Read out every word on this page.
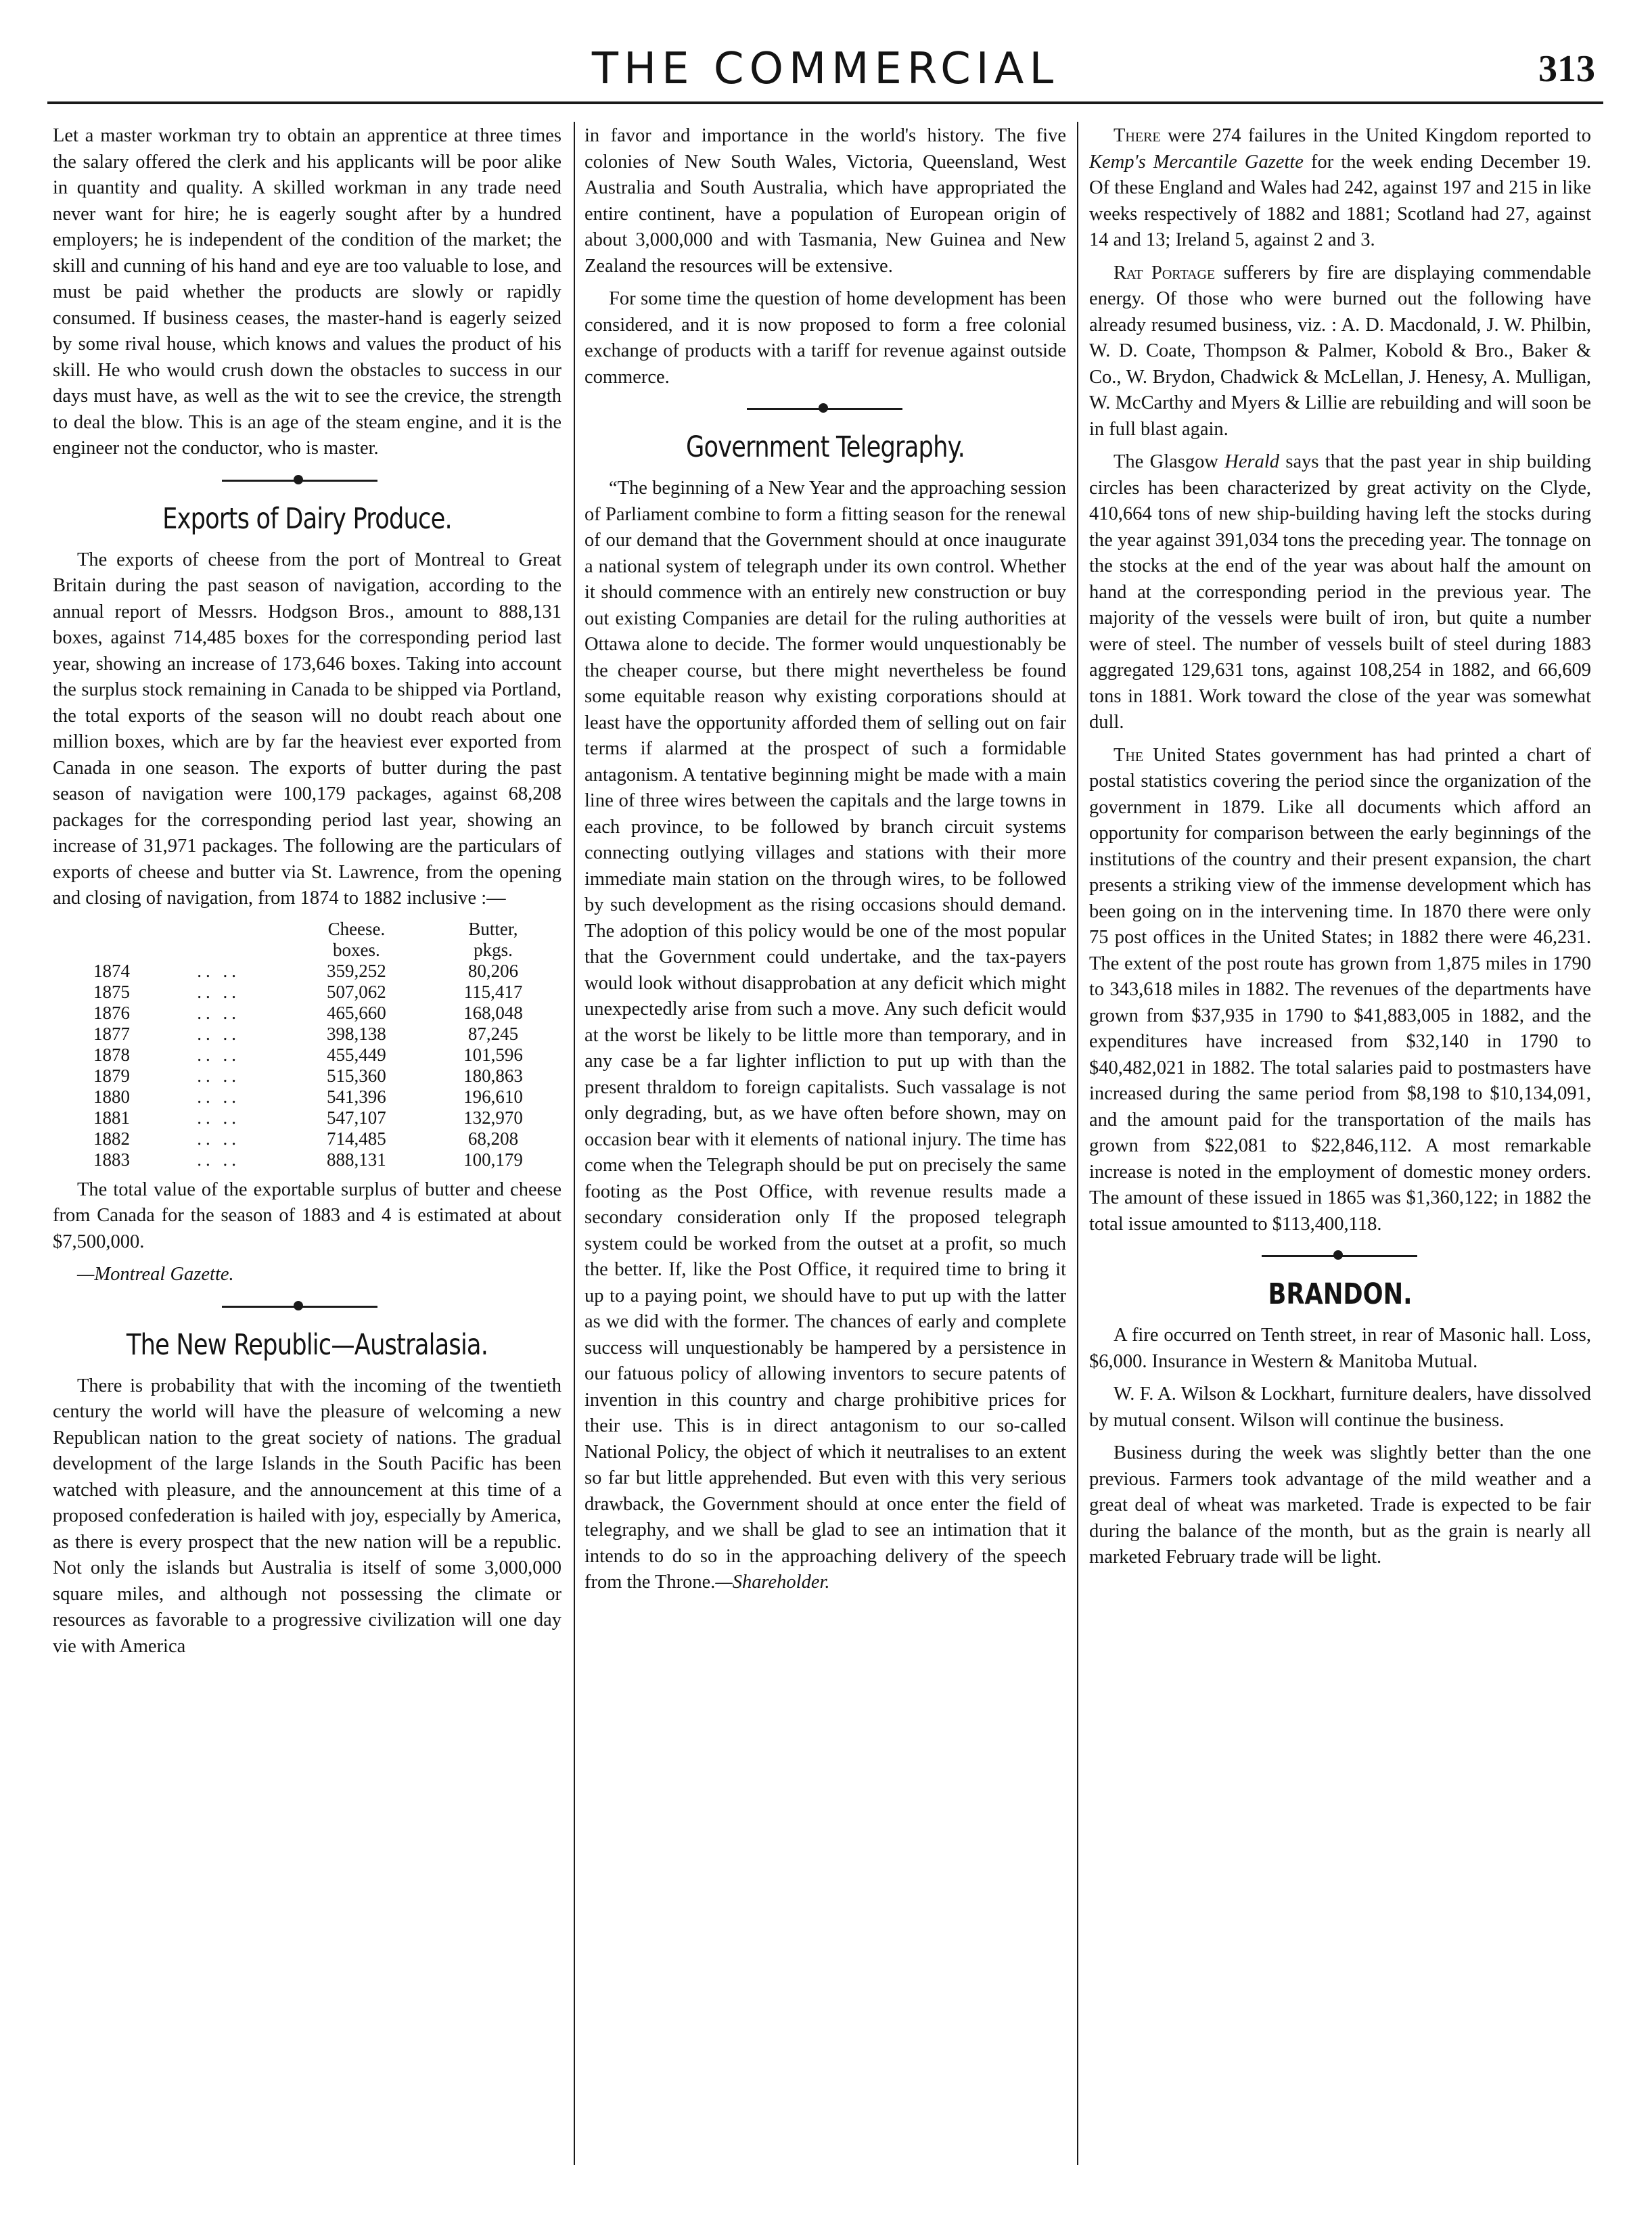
THE COMMERCIAL	313

Let a master workman try to obtain an apprentice at three times the salary offered the clerk and his applicants will be poor alike in quantity and quality. A skilled workman in any trade need never want for hire; he is eagerly sought after by a hundred employers; he is independent of the condition of the market; the skill and cunning of his hand and eye are too valuable to lose, and must be paid whether the products are slowly or rapidly consumed. If business ceases, the master-hand is eagerly seized by some rival house, which knows and values the product of his skill. He who would crush down the obstacles to success in our days must have, as well as the wit to see the crevice, the strength to deal the blow. This is an age of the steam engine, and it is the engineer not the conductor, who is master.

Exports of Dairy Produce.

The exports of cheese from the port of Montreal to Great Britain during the past season of navigation, according to the annual report of Messrs. Hodgson Bros., amount to 888,131 boxes, against 714,485 boxes for the corresponding period last year, showing an increase of 173,646 boxes. Taking into account the surplus stock remaining in Canada to be shipped via Portland, the total exports of the season will no doubt reach about one million boxes, which are by far the heaviest ever exported from Canada in one season. The exports of butter during the past season of navigation were 100,179 packages, against 68,208 packages for the corresponding period last year, showing an increase of 31,971 packages. The following are the particulars of exports of cheese and butter via St. Lawrence, from the opening and closing of navigation, from 1874 to 1882 inclusive :—

		Cheese.	Butter,
		boxes.	pkgs.
1874	.. ..	359,252	80,206
1875	.. ..	507,062	115,417
1876	.. ..	465,660	168,048
1877	.. ..	398,138	87,245
1878	.. ..	455,449	101,596
1879	.. ..	515,360	180,863
1880	.. ..	541,396	196,610
1881	.. ..	547,107	132,970
1882	.. ..	714,485	68,208
1883	.. ..	888,131	100,179

The total value of the exportable surplus of butter and cheese from Canada for the season of 1883 and 4 is estimated at about $7,500,000.

—Montreal Gazette.

The New Republic—Australasia.

There is probability that with the incoming of the twentieth century the world will have the pleasure of welcoming a new Republican nation to the great society of nations. The gradual development of the large Islands in the South Pacific has been watched with pleasure, and the announcement at this time of a proposed confederation is hailed with joy, especially by America, as there is every prospect that the new nation will be a republic. Not only the islands but Australia is itself of some 3,000,000 square miles, and although not possessing the climate or resources as favorable to a progressive civilization will one day vie with America

in favor and importance in the world's history. The five colonies of New South Wales, Victoria, Queensland, West Australia and South Australia, which have appropriated the entire continent, have a population of European origin of about 3,000,000 and with Tasmania, New Guinea and New Zealand the resources will be extensive.

For some time the question of home development has been considered, and it is now proposed to form a free colonial exchange of products with a tariff for revenue against outside commerce.

Government Telegraphy.

“The beginning of a New Year and the approaching session of Parliament combine to form a fitting season for the renewal of our demand that the Government should at once inaugurate a national system of telegraph under its own control. Whether it should commence with an entirely new construction or buy out existing Companies are detail for the ruling authorities at Ottawa alone to decide. The former would unquestionably be the cheaper course, but there might nevertheless be found some equitable reason why existing corporations should at least have the opportunity afforded them of selling out on fair terms if alarmed at the prospect of such a formidable antagonism. A tentative beginning might be made with a main line of three wires between the capitals and the large towns in each province, to be followed by branch circuit systems connecting outlying villages and stations with their more immediate main station on the through wires, to be followed by such development as the rising occasions should demand. The adoption of this policy would be one of the most popular that the Government could undertake, and the tax-payers would look without disapprobation at any deficit which might unexpectedly arise from such a move. Any such deficit would at the worst be likely to be little more than temporary, and in any case be a far lighter infliction to put up with than the present thraldom to foreign capitalists. Such vassalage is not only degrading, but, as we have often before shown, may on occasion bear with it elements of national injury. The time has come when the Telegraph should be put on precisely the same footing as the Post Office, with revenue results made a secondary consideration only If the proposed telegraph system could be worked from the outset at a profit, so much the better. If, like the Post Office, it required time to bring it up to a paying point, we should have to put up with the latter as we did with the former. The chances of early and complete success will unquestionably be hampered by a persistence in our fatuous policy of allowing inventors to secure patents of invention in this country and charge prohibitive prices for their use. This is in direct antagonism to our so-called National Policy, the object of which it neutralises to an extent so far but little apprehended. But even with this very serious drawback, the Government should at once enter the field of telegraphy, and we shall be glad to see an intimation that it intends to do so in the approaching delivery of the speech from the Throne.—Shareholder.

There were 274 failures in the United Kingdom reported to Kemp's Mercantile Gazette for the week ending December 19. Of these England and Wales had 242, against 197 and 215 in like weeks respectively of 1882 and 1881; Scotland had 27, against 14 and 13; Ireland 5, against 2 and 3.

Rat Portage sufferers by fire are displaying commendable energy. Of those who were burned out the following have already resumed business, viz. : A. D. Macdonald, J. W. Philbin, W. D. Coate, Thompson & Palmer, Kobold & Bro., Baker & Co., W. Brydon, Chadwick & McLellan, J. Henesy, A. Mulligan, W. McCarthy and Myers & Lillie are rebuilding and will soon be in full blast again.

The Glasgow Herald says that the past year in ship building circles has been characterized by great activity on the Clyde, 410,664 tons of new ship-building having left the stocks during the year against 391,034 tons the preceding year. The tonnage on the stocks at the end of the year was about half the amount on hand at the corresponding period in the previous year. The majority of the vessels were built of iron, but quite a number were of steel. The number of vessels built of steel during 1883 aggregated 129,631 tons, against 108,254 in 1882, and 66,609 tons in 1881. Work toward the close of the year was somewhat dull.

The United States government has had printed a chart of postal statistics covering the period since the organization of the government in 1879. Like all documents which afford an opportunity for comparison between the early beginnings of the institutions of the country and their present expansion, the chart presents a striking view of the immense development which has been going on in the intervening time. In 1870 there were only 75 post offices in the United States; in 1882 there were 46,231. The extent of the post route has grown from 1,875 miles in 1790 to 343,618 miles in 1882. The revenues of the departments have grown from $37,935 in 1790 to $41,883,005 in 1882, and the expenditures have increased from $32,140 in 1790 to $40,482,021 in 1882. The total salaries paid to postmasters have increased during the same period from $8,198 to $10,134,091, and the amount paid for the transportation of the mails has grown from $22,081 to $22,846,112. A most remarkable increase is noted in the employment of domestic money orders. The amount of these issued in 1865 was $1,360,122; in 1882 the total issue amounted to $113,400,118.

BRANDON.

A fire occurred on Tenth street, in rear of Masonic hall. Loss, $6,000. Insurance in Western & Manitoba Mutual.

W. F. A. Wilson & Lockhart, furniture dealers, have dissolved by mutual consent. Wilson will continue the business.

Business during the week was slightly better than the one previous. Farmers took advantage of the mild weather and a great deal of wheat was marketed. Trade is expected to be fair during the balance of the month, but as the grain is nearly all marketed February trade will be light.
